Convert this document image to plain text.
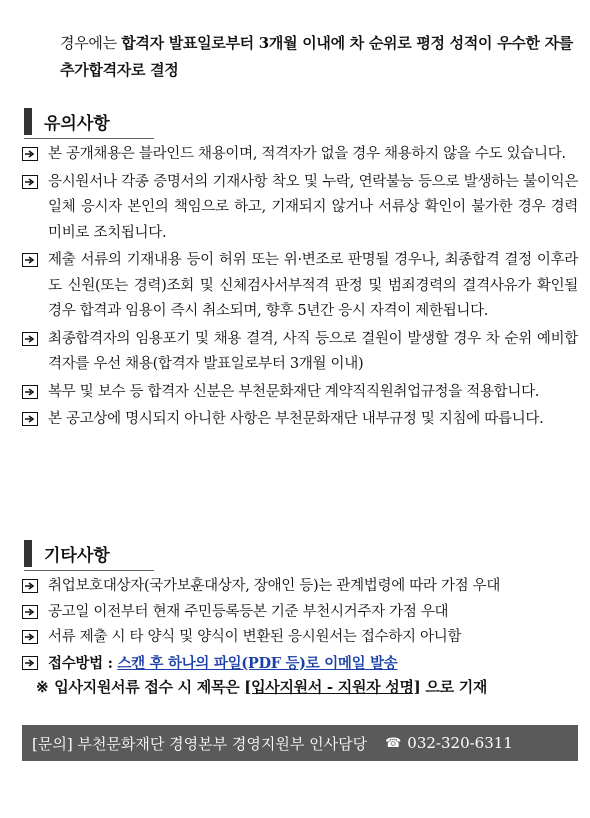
경우에는 합격자 발표일로부터 3개월 이내에 차 순위로 평정 성적이 우수한 자를 추가합격자로 결정
유의사항
본 공개채용은 블라인드 채용이며, 적격자가 없을 경우 채용하지 않을 수도 있습니다.
응시원서나 각종 증명서의 기재사항 착오 및 누락, 연락불능 등으로 발생하는 불이익은 일체 응시자 본인의 책임으로 하고, 기재되지 않거나 서류상 확인이 불가한 경우 경력미비로 조치됩니다.
제출 서류의 기재내용 등이 허위 또는 위·변조로 판명될 경우나, 최종합격 결정 이후라도 신원(또는 경력)조회 및 신체검사서부적격 판정 및 범죄경력의 결격사유가 확인될 경우 합격과 임용이 즉시 취소되며, 향후 5년간 응시 자격이 제한됩니다.
최종합격자의 임용포기 및 채용 결격, 사직 등으로 결원이 발생할 경우 차 순위 예비합격자를 우선 채용(합격자 발표일로부터 3개월 이내)
복무 및 보수 등 합격자 신분은 부천문화재단 계약직직원취업규정을 적용합니다.
본 공고상에 명시되지 아니한 사항은 부천문화재단 내부규정 및 지침에 따릅니다.
기타사항
취업보호대상자(국가보훈대상자, 장애인 등)는 관계법령에 따라 가점 우대
공고일 이전부터 현재 주민등록등본 기준 부천시거주자 가점 우대
서류 제출 시 타 양식 및 양식이 변환된 응시원서는 접수하지 아니함
접수방법 : 스캔 후 하나의 파일(PDF 등)로 이메일 발송
※ 입사지원서류 접수 시 제목은 [입사지원서 - 지원자 성명] 으로 기재
[문의] 부천문화재단 경영본부 경영지원부 인사담당 ☎ 032-320-6311
